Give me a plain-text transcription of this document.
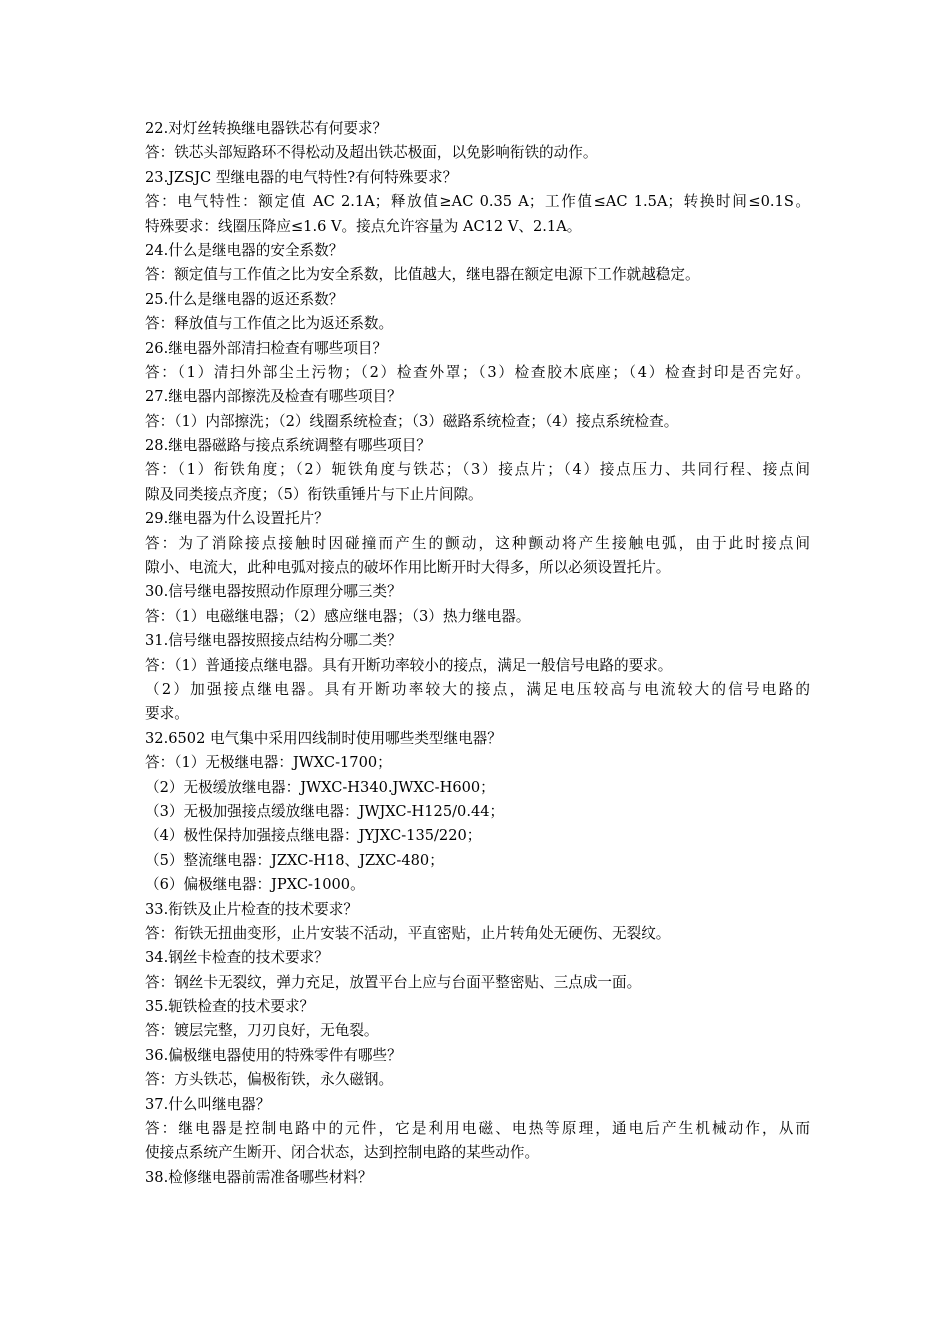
22.对灯丝转换继电器铁芯有何要求？
答：铁芯头部短路环不得松动及超出铁芯极面，以免影响衔铁的动作。
23.JZSJC 型继电器的电气特性?有何特殊要求？
答：电气特性：额定值 AC 2.1A；释放值≥AC 0.35 A；工作值≤AC 1.5A；转换时间≤0.1S。
特殊要求：线圈压降应≤1.6 V。接点允许容量为 AC12 V、2.1A。
24.什么是继电器的安全系数？
答：额定值与工作值之比为安全系数，比值越大，继电器在额定电源下工作就越稳定。
25.什么是继电器的返还系数？
答：释放值与工作值之比为返还系数。
26.继电器外部清扫检查有哪些项目？
答：（1）清扫外部尘土污物；（2）检查外罩；（3）检查胶木底座；（4）检查封印是否完好。
27.继电器内部擦洗及检查有哪些项目？
答：（1）内部擦洗；（2）线圈系统检查；（3）磁路系统检查；（4）接点系统检查。
28.继电器磁路与接点系统调整有哪些项目？
答：（1）衔铁角度；（2）轭铁角度与铁芯；（3）接点片；（4）接点压力、共同行程、接点间
隙及同类接点齐度；（5）衔铁重锤片与下止片间隙。
29.继电器为什么设置托片？
答：为了消除接点接触时因碰撞而产生的颤动，这种颤动将产生接触电弧，由于此时接点间
隙小、电流大，此种电弧对接点的破坏作用比断开时大得多，所以必须设置托片。
30.信号继电器按照动作原理分哪三类？
答：（1）电磁继电器；（2）感应继电器；（3）热力继电器。
31.信号继电器按照接点结构分哪二类？
答：（1）普通接点继电器。具有开断功率较小的接点，满足一般信号电路的要求。
（2）加强接点继电器。具有开断功率较大的接点，满足电压较高与电流较大的信号电路的
要求。
32.6502 电气集中采用四线制时使用哪些类型继电器？
答：（1）无极继电器：JWXC-1700；
（2）无极缓放继电器：JWXC-H340.JWXC-H600；
（3）无极加强接点缓放继电器：JWJXC-H125/0.44；
（4）极性保持加强接点继电器：JYJXC-135/220；
（5）整流继电器：JZXC-H18、JZXC-480；
（6）偏极继电器：JPXC-1000。
33.衔铁及止片检查的技术要求？
答：衔铁无扭曲变形，止片安装不活动，平直密贴，止片转角处无硬伤、无裂纹。
34.钢丝卡检查的技术要求？
答：钢丝卡无裂纹，弹力充足，放置平台上应与台面平整密贴、三点成一面。
35.轭铁检查的技术要求？
答：镀层完整，刀刃良好，无龟裂。
36.偏极继电器使用的特殊零件有哪些？
答：方头铁芯，偏极衔铁，永久磁钢。
37.什么叫继电器？
答：继电器是控制电路中的元件，它是利用电磁、电热等原理，通电后产生机械动作，从而
使接点系统产生断开、闭合状态，达到控制电路的某些动作。
38.检修继电器前需准备哪些材料？
